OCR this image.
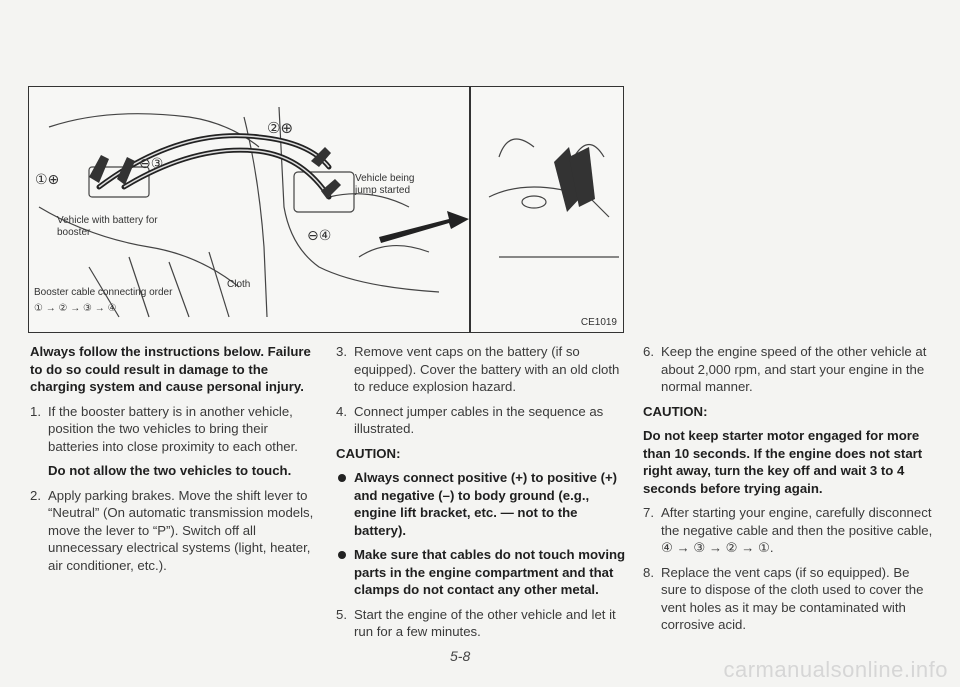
②⊕
①⊕
⊖③
⊖④
Vehicle being jump started
Vehicle with battery for booster
Cloth
Booster cable connecting order
① → ② → ③ → ④
CE1019

Always follow the instructions below. Failure to do so could result in damage to the charging system and cause personal injury.

1. If the booster battery is in another vehicle, position the two vehicles to bring their batteries into close proximity to each other.

Do not allow the two vehicles to touch.

2. Apply parking brakes. Move the shift lever to “Neutral” (On automatic transmission models, move the lever to “P”). Switch off all unnecessary electrical systems (light, heater, air conditioner, etc.).
3. Remove vent caps on the battery (if so equipped). Cover the battery with an old cloth to reduce explosion hazard.
4. Connect jumper cables in the sequence as illustrated.

CAUTION:

Always connect positive (+) to positive (+) and negative (–) to body ground (e.g., engine lift bracket, etc. — not to the battery).
Make sure that cables do not touch moving parts in the engine compartment and that clamps do not contact any other metal.
5. Start the engine of the other vehicle and let it run for a few minutes.
6. Keep the engine speed of the other vehicle at about 2,000 rpm, and start your engine in the normal manner.

CAUTION:

Do not keep starter motor engaged for more than 10 seconds. If the engine does not start right away, turn the key off and wait 3 to 4 seconds before trying again.

7. After starting your engine, carefully disconnect the negative cable and then the positive cable, ④ → ③ → ② → ①.
8. Replace the vent caps (if so equipped). Be sure to dispose of the cloth used to cover the vent holes as it may be contaminated with corrosive acid.
5-8
carmanualsonline.info
